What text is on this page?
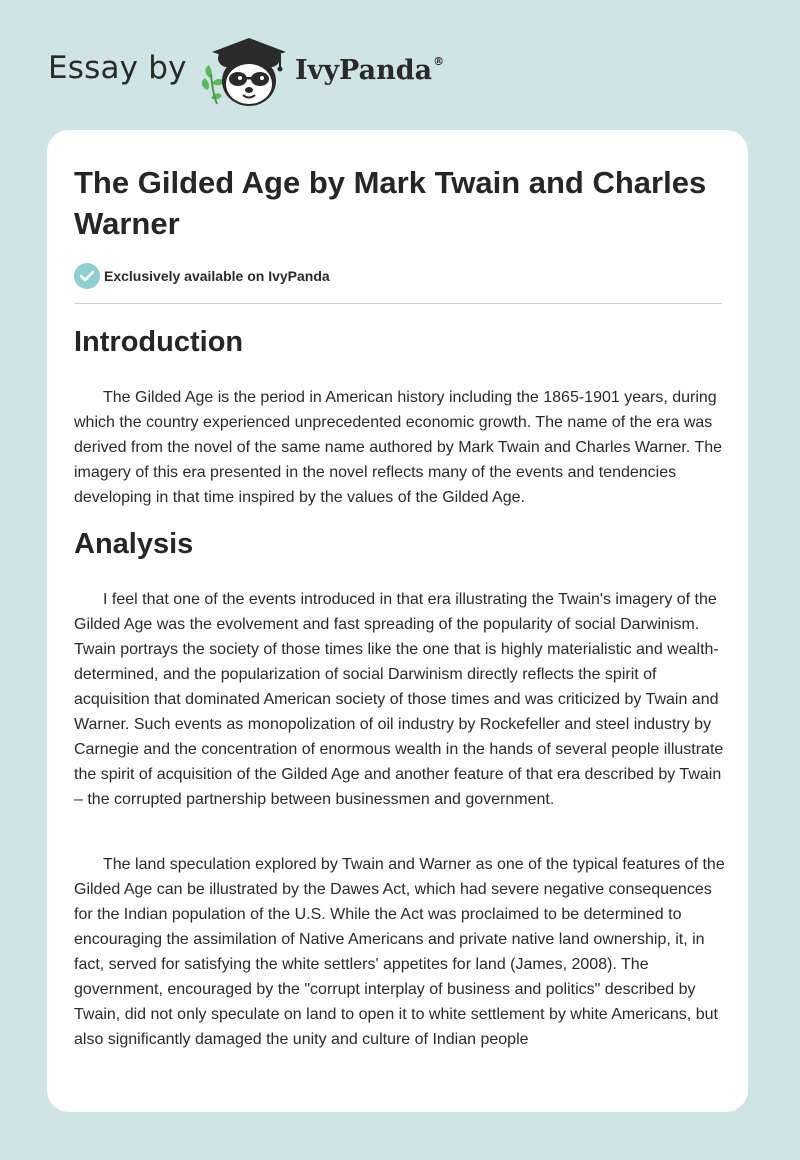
Essay by	IvyPanda®
The Gilded Age by Mark Twain and Charles Warner
Exclusively available on IvyPanda
Introduction

The Gilded Age is the period in American history including the 1865-1901 years, during which the country experienced unprecedented economic growth. The name of the era was derived from the novel of the same name authored by Mark Twain and Charles Warner. The imagery of this era presented in the novel reflects many of the events and tendencies developing in that time inspired by the values of the Gilded Age.

Analysis

I feel that one of the events introduced in that era illustrating the Twain's imagery of the Gilded Age was the evolvement and fast spreading of the popularity of social Darwinism. Twain portrays the society of those times like the one that is highly materialistic and wealth-determined, and the popularization of social Darwinism directly reflects the spirit of acquisition that dominated American society of those times and was criticized by Twain and Warner. Such events as monopolization of oil industry by Rockefeller and steel industry by Carnegie and the concentration of enormous wealth in the hands of several people illustrate the spirit of acquisition of the Gilded Age and another feature of that era described by Twain – the corrupted partnership between businessmen and government.

The land speculation explored by Twain and Warner as one of the typical features of the Gilded Age can be illustrated by the Dawes Act, which had severe negative consequences for the Indian population of the U.S. While the Act was proclaimed to be determined to encouraging the assimilation of Native Americans and private native land ownership, it, in fact, served for satisfying the white settlers' appetites for land (James, 2008). The government, encouraged by the "corrupt interplay of business and politics" described by Twain, did not only speculate on land to open it to white settlement by white Americans, but also significantly damaged the unity and culture of Indian people
